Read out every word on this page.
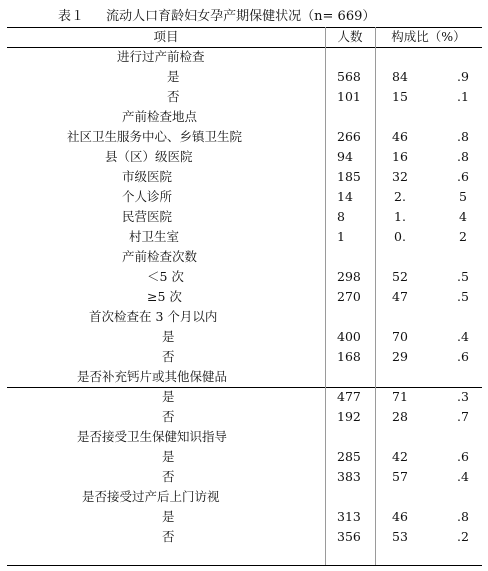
表１ 流动人口育龄妇女孕产期保健状况（n= 669）
项目	人数	构成比（%）
进行过产前检查
是	568	84	.9
否	101	15	.1
产前检查地点
社区卫生服务中心、乡镇卫生院	266	46	.8
县（区）级医院	94	16	.8
市级医院	185	32	.6
个人诊所	14	2.	5
民营医院	8	1.	4
村卫生室	1	0.	2
产前检查次数
＜5 次	298	52	.5
≥5 次	270	47	.5
首次检查在 3 个月以内
是	400	70	.4
否	168	29	.6
是否补充钙片或其他保健品
是	477	71	.3
否	192	28	.7
是否接受卫生保健知识指导
是	285	42	.6
否	383	57	.4
是否接受过产后上门访视
是	313	46	.8
否	356	53	.2
